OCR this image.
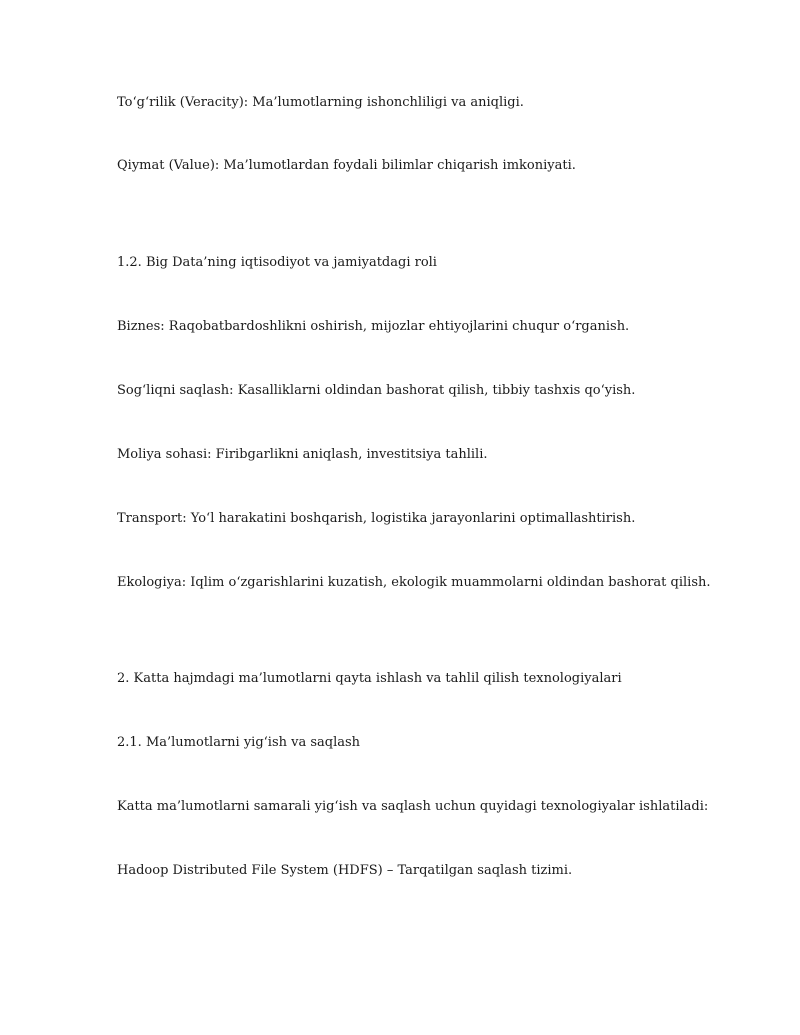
To‘g‘rilik (Veracity): Ma’lumotlarning ishonchliligi va aniqligi.

Qiymat (Value): Ma’lumotlardan foydali bilimlar chiqarish imkoniyati.

1.2. Big Data’ning iqtisodiyot va jamiyatdagi roli

Biznes: Raqobatbardoshlikni oshirish, mijozlar ehtiyojlarini chuqur o‘rganish.

Sog‘liqni saqlash: Kasalliklarni oldindan bashorat qilish, tibbiy tashxis qo‘yish.

Moliya sohasi: Firibgarlikni aniqlash, investitsiya tahlili.

Transport: Yo‘l harakatini boshqarish, logistika jarayonlarini optimallashtirish.

Ekologiya: Iqlim o‘zgarishlarini kuzatish, ekologik muammolarni oldindan bashorat qilish.

2. Katta hajmdagi ma’lumotlarni qayta ishlash va tahlil qilish texnologiyalari

2.1. Ma’lumotlarni yig‘ish va saqlash

Katta ma’lumotlarni samarali yig‘ish va saqlash uchun quyidagi texnologiyalar ishlatiladi:

Hadoop Distributed File System (HDFS) – Tarqatilgan saqlash tizimi.
